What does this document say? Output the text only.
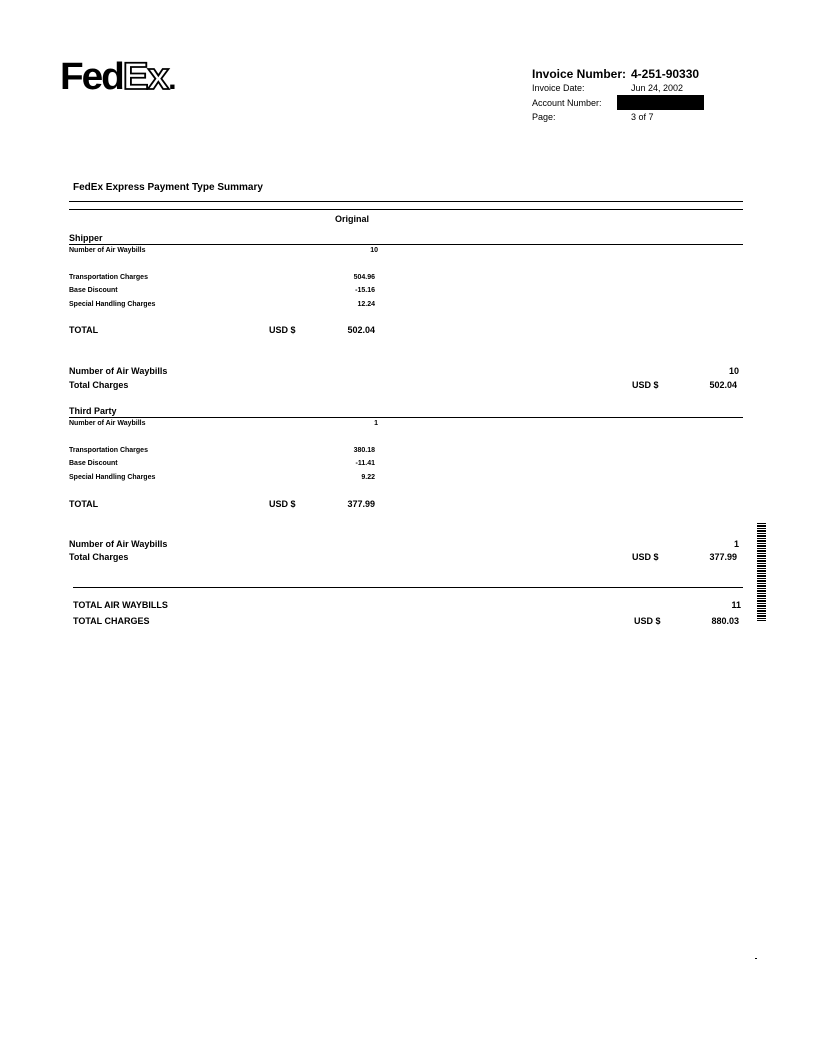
FedEx.	Invoice Number: 4-251-90330
Invoice Date:	Jun 24, 2002
Account Number:
Page:	3 of 7
FedEx Express Payment Type Summary
Original
Shipper
Number of Air Waybills	10
Transportation Charges	504.96
Base Discount	-15.16
Special Handling Charges	12.24
TOTAL	USD $	502.04
Number of Air Waybills	10
Total Charges	USD $	502.04
Third Party
Number of Air Waybills	1
Transportation Charges	380.18
Base Discount	-11.41
Special Handling Charges	9.22
TOTAL	USD $	377.99
Number of Air Waybills	1
Total Charges	USD $	377.99
TOTAL AIR WAYBILLS	11
TOTAL CHARGES	USD $	880.03
